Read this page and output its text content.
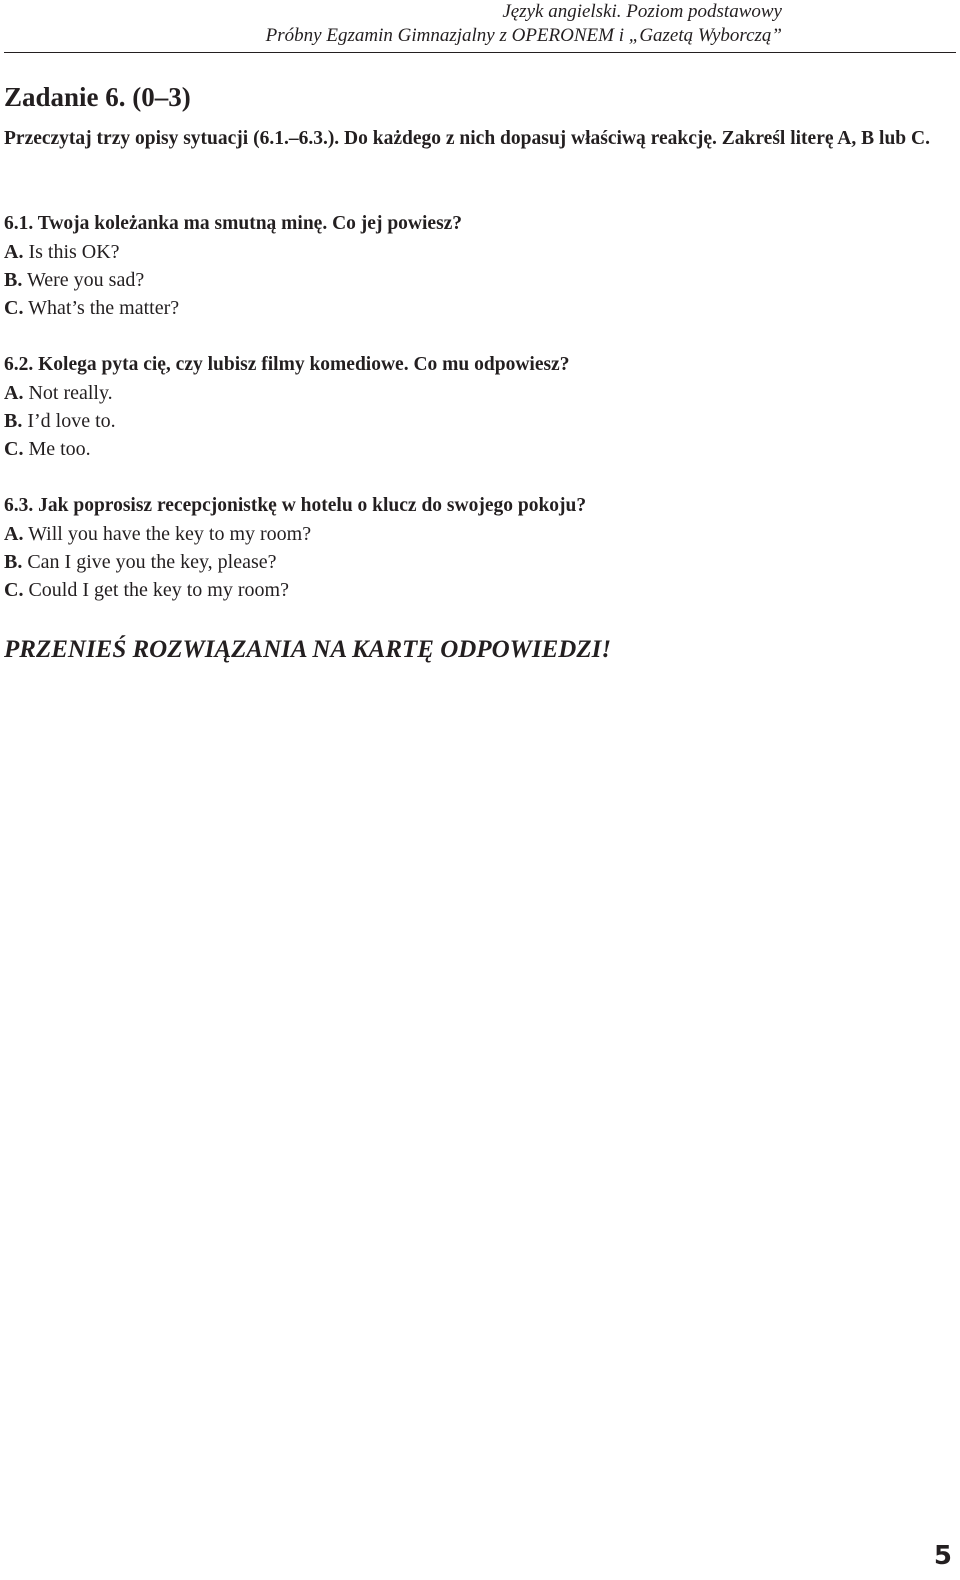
Język angielski. Poziom podstawowy
Próbny Egzamin Gimnazjalny z OPERONEM i „Gazetą Wyborczą”
Zadanie 6. (0–3)
Przeczytaj trzy opisy sytuacji (6.1.–6.3.). Do każdego z nich dopasuj właściwą reakcję. Zakreśl literę A, B lub C.
6.1. Twoja koleżanka ma smutną minę. Co jej powiesz?
A. Is this OK?
B. Were you sad?
C. What’s the matter?
6.2. Kolega pyta cię, czy lubisz filmy komediowe. Co mu odpowiesz?
A. Not really.
B. I’d love to.
C. Me too.
6.3. Jak poprosisz recepcjonistkę w hotelu o klucz do swojego pokoju?
A. Will you have the key to my room?
B. Can I give you the key, please?
C. Could I get the key to my room?
PRZENIEŚ ROZWIĄZANIA NA KARTĘ ODPOWIEDZI!
5
